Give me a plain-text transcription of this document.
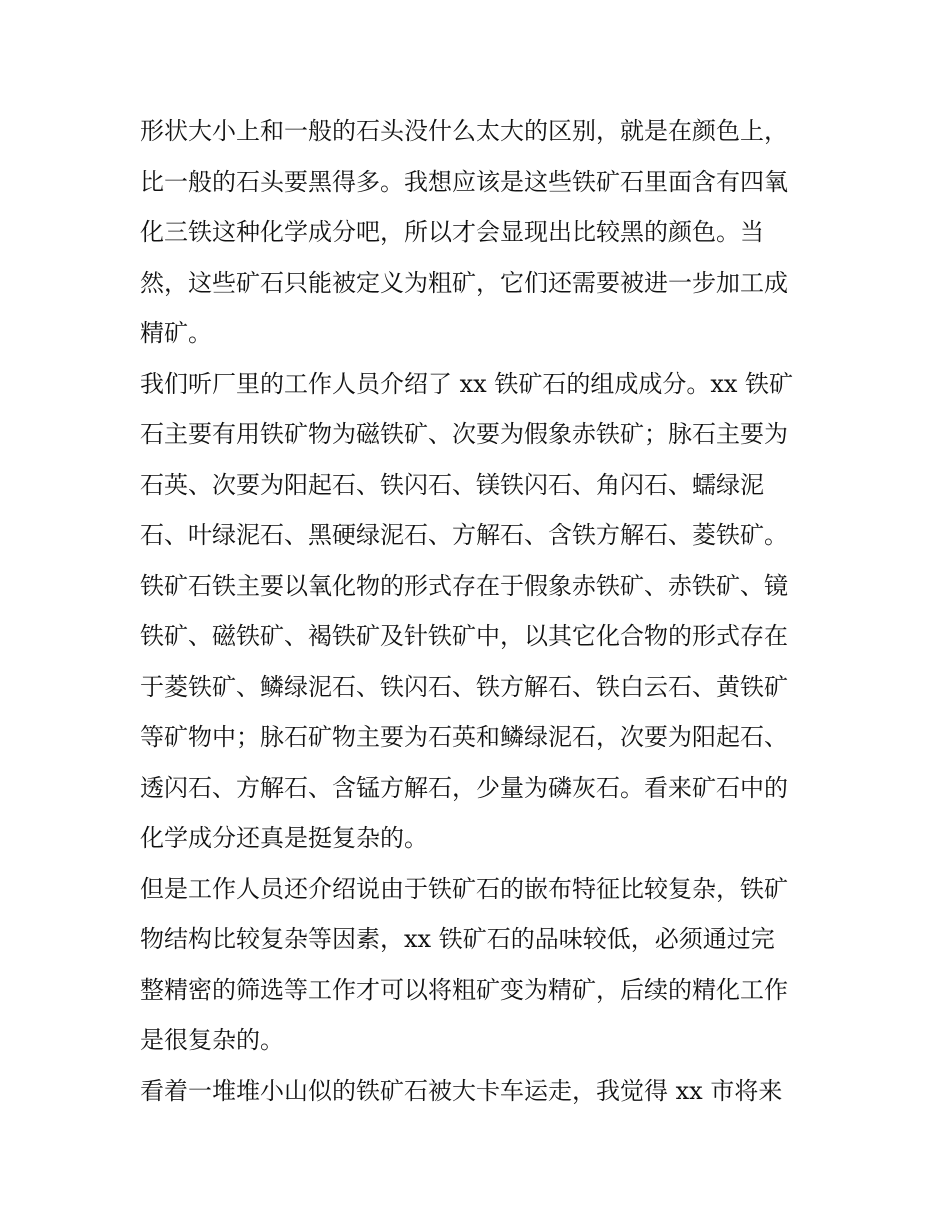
形状大小上和一般的石头没什么太大的区别，就是在颜色上，
比一般的石头要黑得多。我想应该是这些铁矿石里面含有四氧
化三铁这种化学成分吧，所以才会显现出比较黑的颜色。当
然，这些矿石只能被定义为粗矿，它们还需要被进一步加工成
精矿。
我们听厂里的工作人员介绍了 xx 铁矿石的组成成分。xx 铁矿
石主要有用铁矿物为磁铁矿、次要为假象赤铁矿；脉石主要为
石英、次要为阳起石、铁闪石、镁铁闪石、角闪石、蠕绿泥
石、叶绿泥石、黑硬绿泥石、方解石、含铁方解石、菱铁矿。
铁矿石铁主要以氧化物的形式存在于假象赤铁矿、赤铁矿、镜
铁矿、磁铁矿、褐铁矿及针铁矿中，以其它化合物的形式存在
于菱铁矿、鳞绿泥石、铁闪石、铁方解石、铁白云石、黄铁矿
等矿物中；脉石矿物主要为石英和鳞绿泥石，次要为阳起石、
透闪石、方解石、含锰方解石，少量为磷灰石。看来矿石中的
化学成分还真是挺复杂的。
但是工作人员还介绍说由于铁矿石的嵌布特征比较复杂，铁矿
物结构比较复杂等因素，xx 铁矿石的品味较低，必须通过完
整精密的筛选等工作才可以将粗矿变为精矿，后续的精化工作
是很复杂的。
看着一堆堆小山似的铁矿石被大卡车运走，我觉得 xx 市将来
